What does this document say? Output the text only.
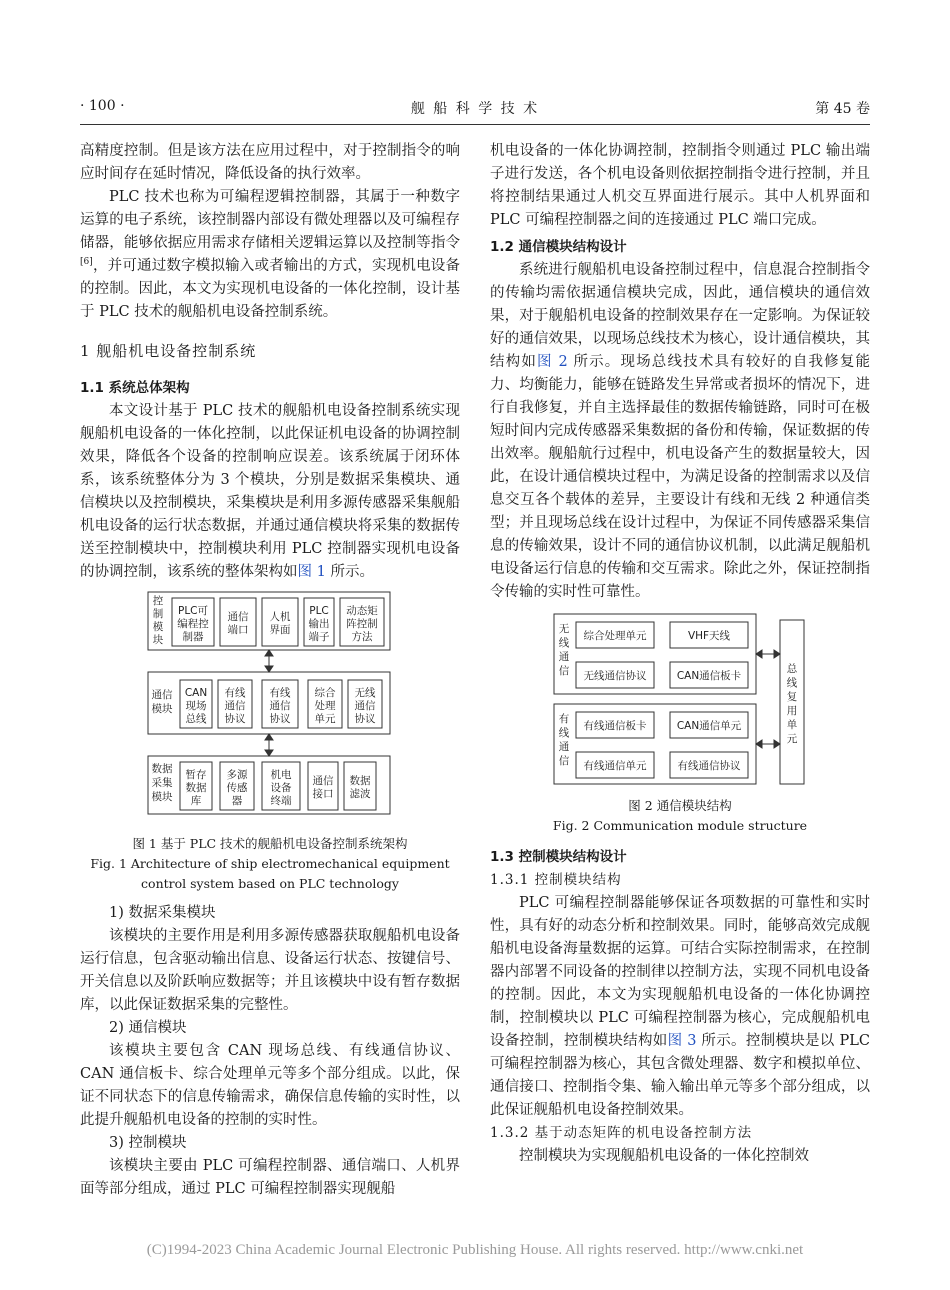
· 100 ·	舰 船 科 学 技 术	第 45 卷

高精度控制。但是该方法在应用过程中，对于控制指令的响应时间存在延时情况，降低设备的执行效率。

PLC 技术也称为可编程逻辑控制器，其属于一种数字运算的电子系统，该控制器内部设有微处理器以及可编程存储器，能够依据应用需求存储相关逻辑运算以及控制等指令[6]，并可通过数字模拟输入或者输出的方式，实现机电设备的控制。因此，本文为实现机电设备的一体化控制，设计基于 PLC 技术的舰船机电设备控制系统。

1 舰船机电设备控制系统

1.1 系统总体架构

本文设计基于 PLC 技术的舰船机电设备控制系统实现舰船机电设备的一体化控制，以此保证机电设备的协调控制效果，降低各个设备的控制响应误差。该系统属于闭环体系，该系统整体分为 3 个模块，分别是数据采集模块、通信模块以及控制模块，采集模块是利用多源传感器采集舰船机电设备的运行状态数据，并通过通信模块将采集的数据传送至控制模块中，控制模块利用 PLC 控制器实现机电设备的协调控制，该系统的整体架构如图 1 所示。

控制模块
通信模块
数据采集模块
PLC可编程控制器
通信端口
人机界面
PLC 输出端子
动态矩阵控制方法
CAN 现场总线
有线通信协议
有线通信协议
综合处理单元
无线通信协议
暂存数据库
多源传感器
机电设备终端
通信接口
数据滤波

图 1 基于 PLC 技术的舰船机电设备控制系统架构

Fig. 1 Architecture of ship electromechanical equipment control system based on PLC technology

1) 数据采集模块

该模块的主要作用是利用多源传感器获取舰船机电设备运行信息，包含驱动输出信息、设备运行状态、按键信号、开关信息以及阶跃响应数据等；并且该模块中设有暂存数据库，以此保证数据采集的完整性。

2) 通信模块

该模块主要包含 CAN 现场总线、有线通信协议、CAN 通信板卡、综合处理单元等多个部分组成。以此，保证不同状态下的信息传输需求，确保信息传输的实时性，以此提升舰船机电设备的控制的实时性。

3) 控制模块

该模块主要由 PLC 可编程控制器、通信端口、人机界面等部分组成，通过 PLC 可编程控制器实现舰船

机电设备的一体化协调控制，控制指令则通过 PLC 输出端子进行发送，各个机电设备则依据控制指令进行控制，并且将控制结果通过人机交互界面进行展示。其中人机界面和 PLC 可编程控制器之间的连接通过 PLC 端口完成。

1.2 通信模块结构设计

系统进行舰船机电设备控制过程中，信息混合控制指令的传输均需依据通信模块完成，因此，通信模块的通信效果，对于舰船机电设备的控制效果存在一定影响。为保证较好的通信效果，以现场总线技术为核心，设计通信模块，其结构如图 2 所示。现场总线技术具有较好的自我修复能力、均衡能力，能够在链路发生异常或者损坏的情况下，进行自我修复，并自主选择最佳的数据传输链路，同时可在极短时间内完成传感器采集数据的备份和传输，保证数据的传出效率。舰船航行过程中，机电设备产生的数据量较大，因此，在设计通信模块过程中，为满足设备的控制需求以及信息交互各个载体的差异，主要设计有线和无线 2 种通信类型；并且现场总线在设计过程中，为保证不同传感器采集信息的传输效果，设计不同的通信协议机制，以此满足舰船机电设备运行信息的传输和交互需求。除此之外，保证控制指令传输的实时性可靠性。

无线通信
有线通信
总线复用单元
综合处理单元	VHF天线
无线通信协议	CAN通信板卡
有线通信板卡	CAN通信单元
有线通信单元	有线通信协议

图 2 通信模块结构

Fig. 2 Communication module structure

1.3 控制模块结构设计

1.3.1 控制模块结构

PLC 可编程控制器能够保证各项数据的可靠性和实时性，具有好的动态分析和控制效果。同时，能够高效完成舰船机电设备海量数据的运算。可结合实际控制需求，在控制器内部署不同设备的控制律以控制方法，实现不同机电设备的控制。因此，本文为实现舰船机电设备的一体化协调控制，控制模块以 PLC 可编程控制器为核心，完成舰船机电设备控制，控制模块结构如图 3 所示。控制模块是以 PLC 可编程控制器为核心，其包含微处理器、数字和模拟单位、通信接口、控制指令集、输入输出单元等多个部分组成，以此保证舰船机电设备控制效果。

1.3.2 基于动态矩阵的机电设备控制方法

控制模块为实现舰船机电设备的一体化控制效

(C)1994-2023 China Academic Journal Electronic Publishing House. All rights reserved. http://www.cnki.net
